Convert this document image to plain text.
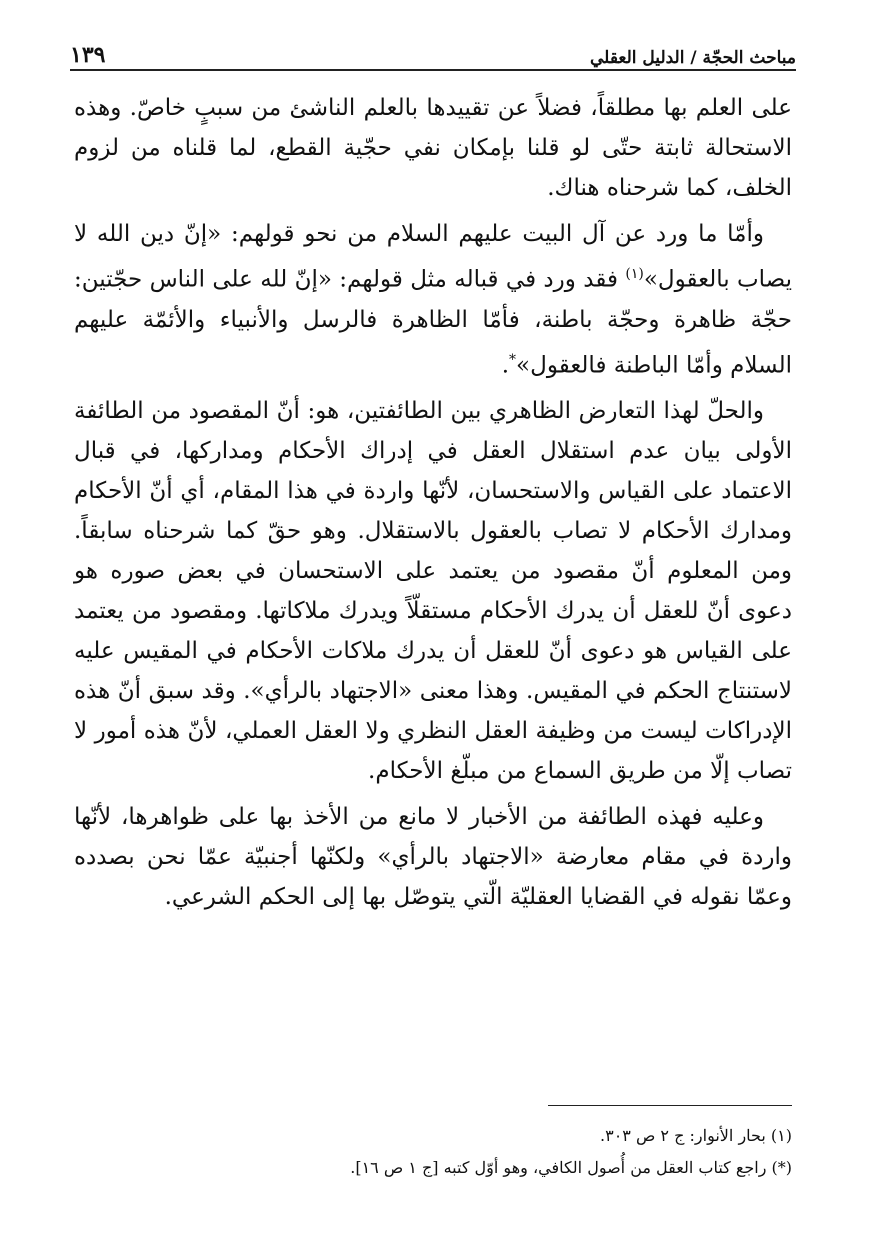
١٣٩	مباحث الحجّة / الدليل العقلي

على العلم بها مطلقاً، فضلاً عن تقييدها بالعلم الناشئ من سببٍ خاصّ. وهذه الاستحالة ثابتة حتّى لو قلنا بإمكان نفي حجّية القطع، لما قلناه من لزوم الخلف، كما شرحناه هناك.

وأمّا ما ورد عن آل البيت عليهم السلام من نحو قولهم: «إنّ دين الله لا يصاب بالعقول»$^{(١)}$ فقد ورد في قباله مثل قولهم: «إنّ لله على الناس حجّتين: حجّة ظاهرة وحجّة باطنة، فأمّا الظاهرة فالرسل والأنبياء والأئمّة عليهم السلام وأمّا الباطنة فالعقول»*.

والحلّ لهذا التعارض الظاهري بين الطائفتين، هو: أنّ المقصود من الطائفة الأولى بيان عدم استقلال العقل في إدراك الأحكام ومداركها، في قبال الاعتماد على القياس والاستحسان، لأنّها واردة في هذا المقام، أي أنّ الأحكام ومدارك الأحكام لا تصاب بالعقول بالاستقلال. وهو حقّ كما شرحناه سابقاً. ومن المعلوم أنّ مقصود من يعتمد على الاستحسان في بعض صوره هو دعوى أنّ للعقل أن يدرك الأحكام مستقلّاً ويدرك ملاكاتها. ومقصود من يعتمد على القياس هو دعوى أنّ للعقل أن يدرك ملاكات الأحكام في المقيس عليه لاستنتاج الحكم في المقيس. وهذا معنى «الاجتهاد بالرأي». وقد سبق أنّ هذه الإدراكات ليست من وظيفة العقل النظري ولا العقل العملي، لأنّ هذه أمور لا تصاب إلّا من طريق السماع من مبلّغ الأحكام.

وعليه فهذه الطائفة من الأخبار لا مانع من الأخذ بها على ظواهرها، لأنّها واردة في مقام معارضة «الاجتهاد بالرأي» ولكنّها أجنبيّة عمّا نحن بصدده وعمّا نقوله في القضايا العقليّة الّتي يتوصّل بها إلى الحكم الشرعي.

(١) بحار الأنوار: ج ٢ ص ٣٠٣.

(*) راجع كتاب العقل من أُصول الكافي، وهو أوّل كتبه [ج ١ ص ١٦].
